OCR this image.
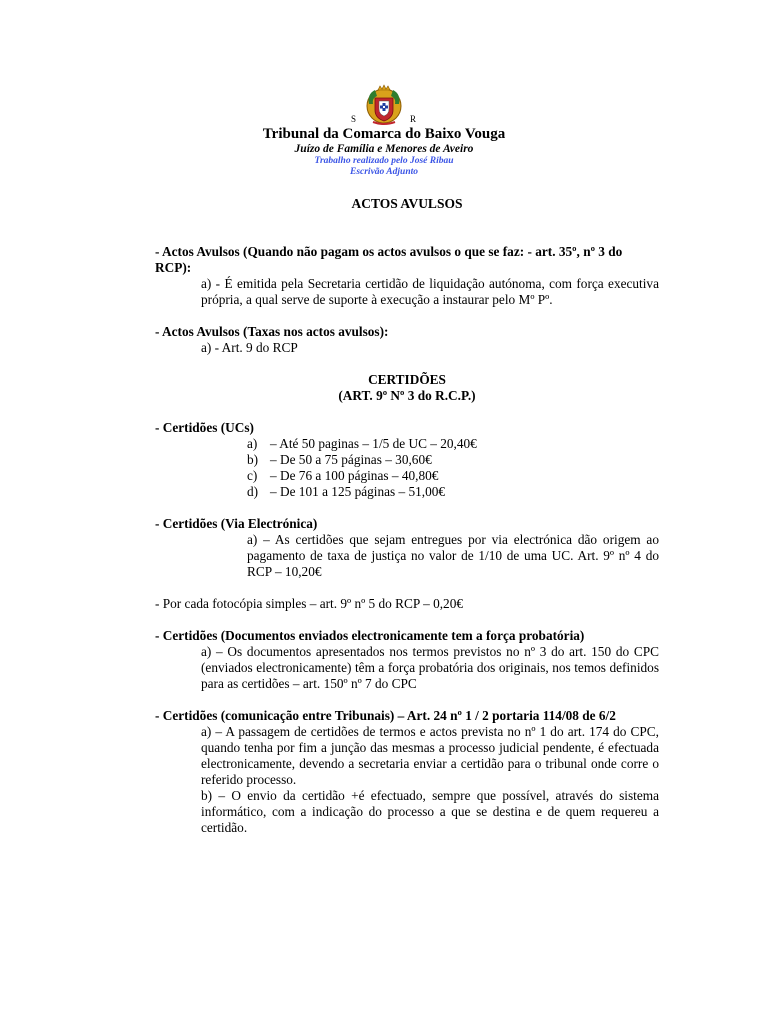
S	R
Tribunal da Comarca do Baixo Vouga
Juízo de Família e Menores de Aveiro
Trabalho realizado pelo José Ribau
Escrivão Adjunto
ACTOS AVULSOS

- Actos Avulsos (Quando não pagam os actos avulsos o que se faz: - art. 35º, nº 3 do RCP):

a) - É emitida pela Secretaria certidão de liquidação autónoma, com força executiva própria, a qual serve de suporte à execução a instaurar pelo Mº Pº.

- Actos Avulsos (Taxas nos actos avulsos):

a) - Art. 9 do RCP

CERTIDÕES

(ART. 9º Nº 3 do R.C.P.)

- Certidões (UCs)

a) – Até 50 paginas – 1/5 de UC – 20,40€
b) – De 50 a 75 páginas – 30,60€
c) – De 76 a 100 páginas – 40,80€
d) – De 101 a 125 páginas – 51,00€

- Certidões (Via Electrónica)

a) – As certidões que sejam entregues por via electrónica dão origem ao pagamento de taxa de justiça no valor de 1/10 de uma UC. Art. 9º nº 4 do RCP – 10,20€

- Por cada fotocópia simples – art. 9º nº 5 do RCP – 0,20€

- Certidões (Documentos enviados electronicamente tem a força probatória)

a) – Os documentos apresentados nos termos previstos no nº 3 do art. 150 do CPC (enviados electronicamente) têm a força probatória dos originais, nos temos definidos para as certidões – art. 150º nº 7 do CPC

- Certidões (comunicação entre Tribunais) – Art. 24 nº 1 / 2 portaria 114/08 de 6/2

a) – A passagem de certidões de termos e actos prevista no nº 1 do art. 174 do CPC, quando tenha por fim a junção das mesmas a processo judicial pendente, é efectuada electronicamente, devendo a secretaria enviar a certidão para o tribunal onde corre o referido processo.

b) – O envio da certidão +é efectuado, sempre que possível, através do sistema informático, com a indicação do processo a que se destina e de quem requereu a certidão.
